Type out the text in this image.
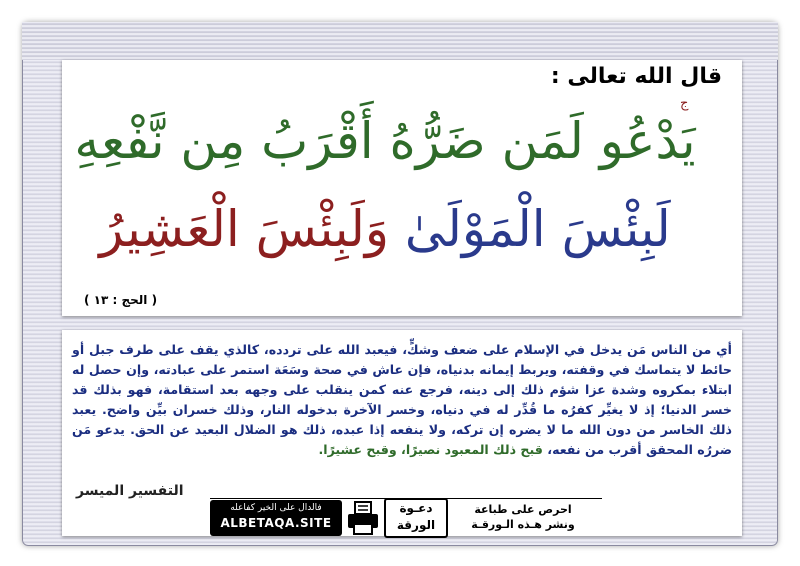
قال الله تعالى :

يَدْعُو لَمَن ضَرُّهُ أَقْرَبُ مِن نَّفْعِهِ

ج

لَبِئْسَ الْمَوْلَىٰ وَلَبِئْسَ الْعَشِيرُ

( الحج : ١٣ )

أي من الناس مَن يدخل في الإسلام على ضعف وشكٍّ، فيعبد الله على تردده، كالذي يقف على طرف جبل أو حائط لا يتماسك في وقفته، ويربط إيمانه بدنياه، فإن عاش في صحة وسَعَة استمر على عبادته، وإن حصل له ابتلاء بمكروه وشدة عزا شؤم ذلك إلى دينه، فرجع عنه كمن ينقلب على وجهه بعد استقامة، فهو بذلك قد خسر الدنيا؛ إذ لا يغيِّر كفرُه ما قُدِّر له في دنياه، وخسر الآخرة بدخوله النار، وذلك خسران بيِّن واضح. يعبد ذلك الخاسر من دون الله ما لا يضره إن تركه، ولا ينفعه إذا عبده، ذلك هو الضلال البعيد عن الحق. يدعو مَن ضررُه المحقق أقرب من نفعه، قبح ذلك المعبود نصيرًا، وقبح عشيرًا.

التفسير الميسر
فالدال على الخير كفاعله
ALBETAQA.SITE
دعـوة
الورقة
احرص على طباعة
ونشر هـذه الـورقـة
